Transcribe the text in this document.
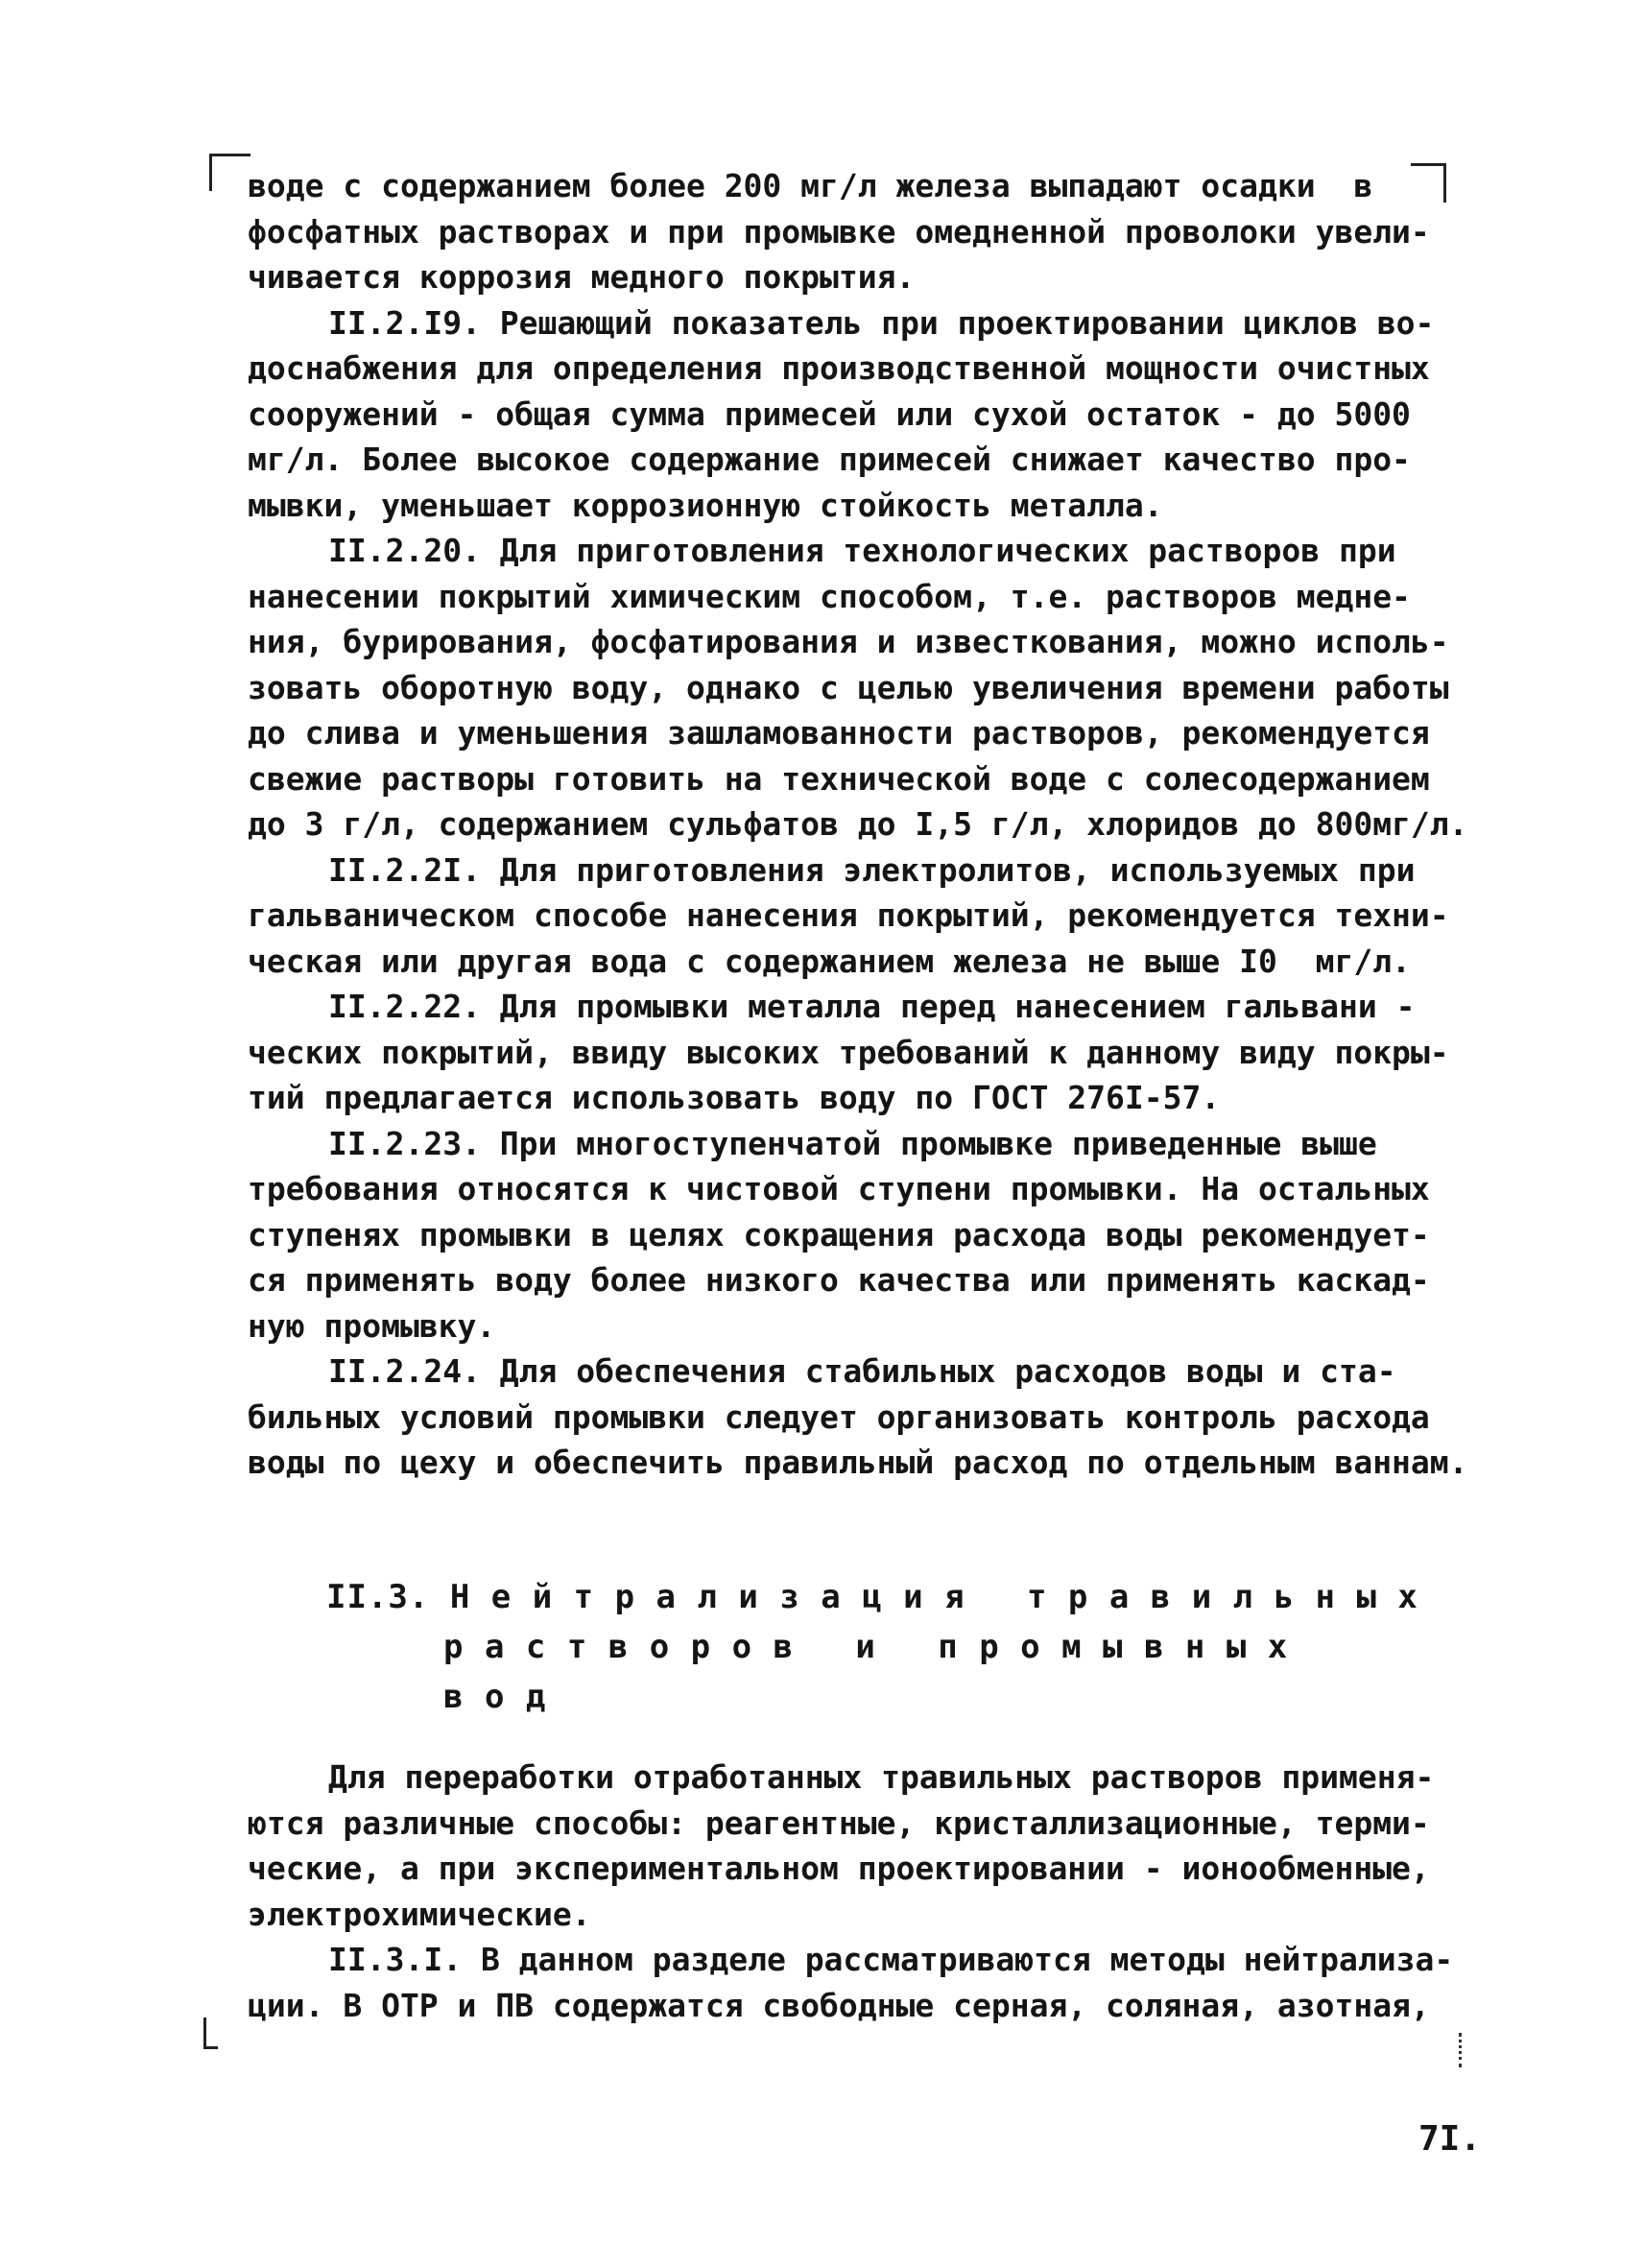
воде с содержанием более 200 мг/л железа выпадают осадки  в
фосфатных растворах и при промывке омедненной проволоки увели-
чивается коррозия медного покрытия.
II.2.I9. Решающий показатель при проектировании циклов во-
доснабжения для определения производственной мощности очистных
сооружений - общая сумма примесей или сухой остаток - до 5000
мг/л. Более высокое содержание примесей снижает качество про-
мывки, уменьшает коррозионную стойкость металла.
II.2.20. Для приготовления технологических растворов при
нанесении покрытий химическим способом, т.е. растворов медне-
ния, бурирования, фосфатирования и известкования, можно исполь-
зовать оборотную воду, однако с целью увеличения времени работы
до слива и уменьшения зашламованности растворов, рекомендуется
свежие растворы готовить на технической воде с солесодержанием
до 3 г/л, содержанием сульфатов до I,5 г/л, хлоридов до 800мг/л.
II.2.2I. Для приготовления электролитов, используемых при
гальваническом способе нанесения покрытий, рекомендуется техни-
ческая или другая вода с содержанием железа не выше I0  мг/л.
II.2.22. Для промывки металла перед нанесением гальвани -
ческих покрытий, ввиду высоких требований к данному виду покры-
тий предлагается использовать воду по ГОСТ 276I-57.
II.2.23. При многоступенчатой промывке приведенные выше
требования относятся к чистовой ступени промывки. На остальных
ступенях промывки в целях сокращения расхода воды рекомендует-
ся применять воду более низкого качества или применять каскад-
ную промывку.
II.2.24. Для обеспечения стабильных расходов воды и ста-
бильных условий промывки следует организовать контроль расхода
воды по цеху и обеспечить правильный расход по отдельным ваннам.
II.3. Н е й т р а л и з а ц и я   т р а в и л ь н ы х
р а с т в о р о в   и   п р о м ы в н ы х
в о д
Для переработки отработанных травильных растворов применя-
ются различные способы: реагентные, кристаллизационные, терми-
ческие, а при экспериментальном проектировании - ионообменные,
электрохимические.
II.3.I. В данном разделе рассматриваются методы нейтрализа-
ции. В ОТР и ПВ содержатся свободные серная, соляная, азотная,
7I.
